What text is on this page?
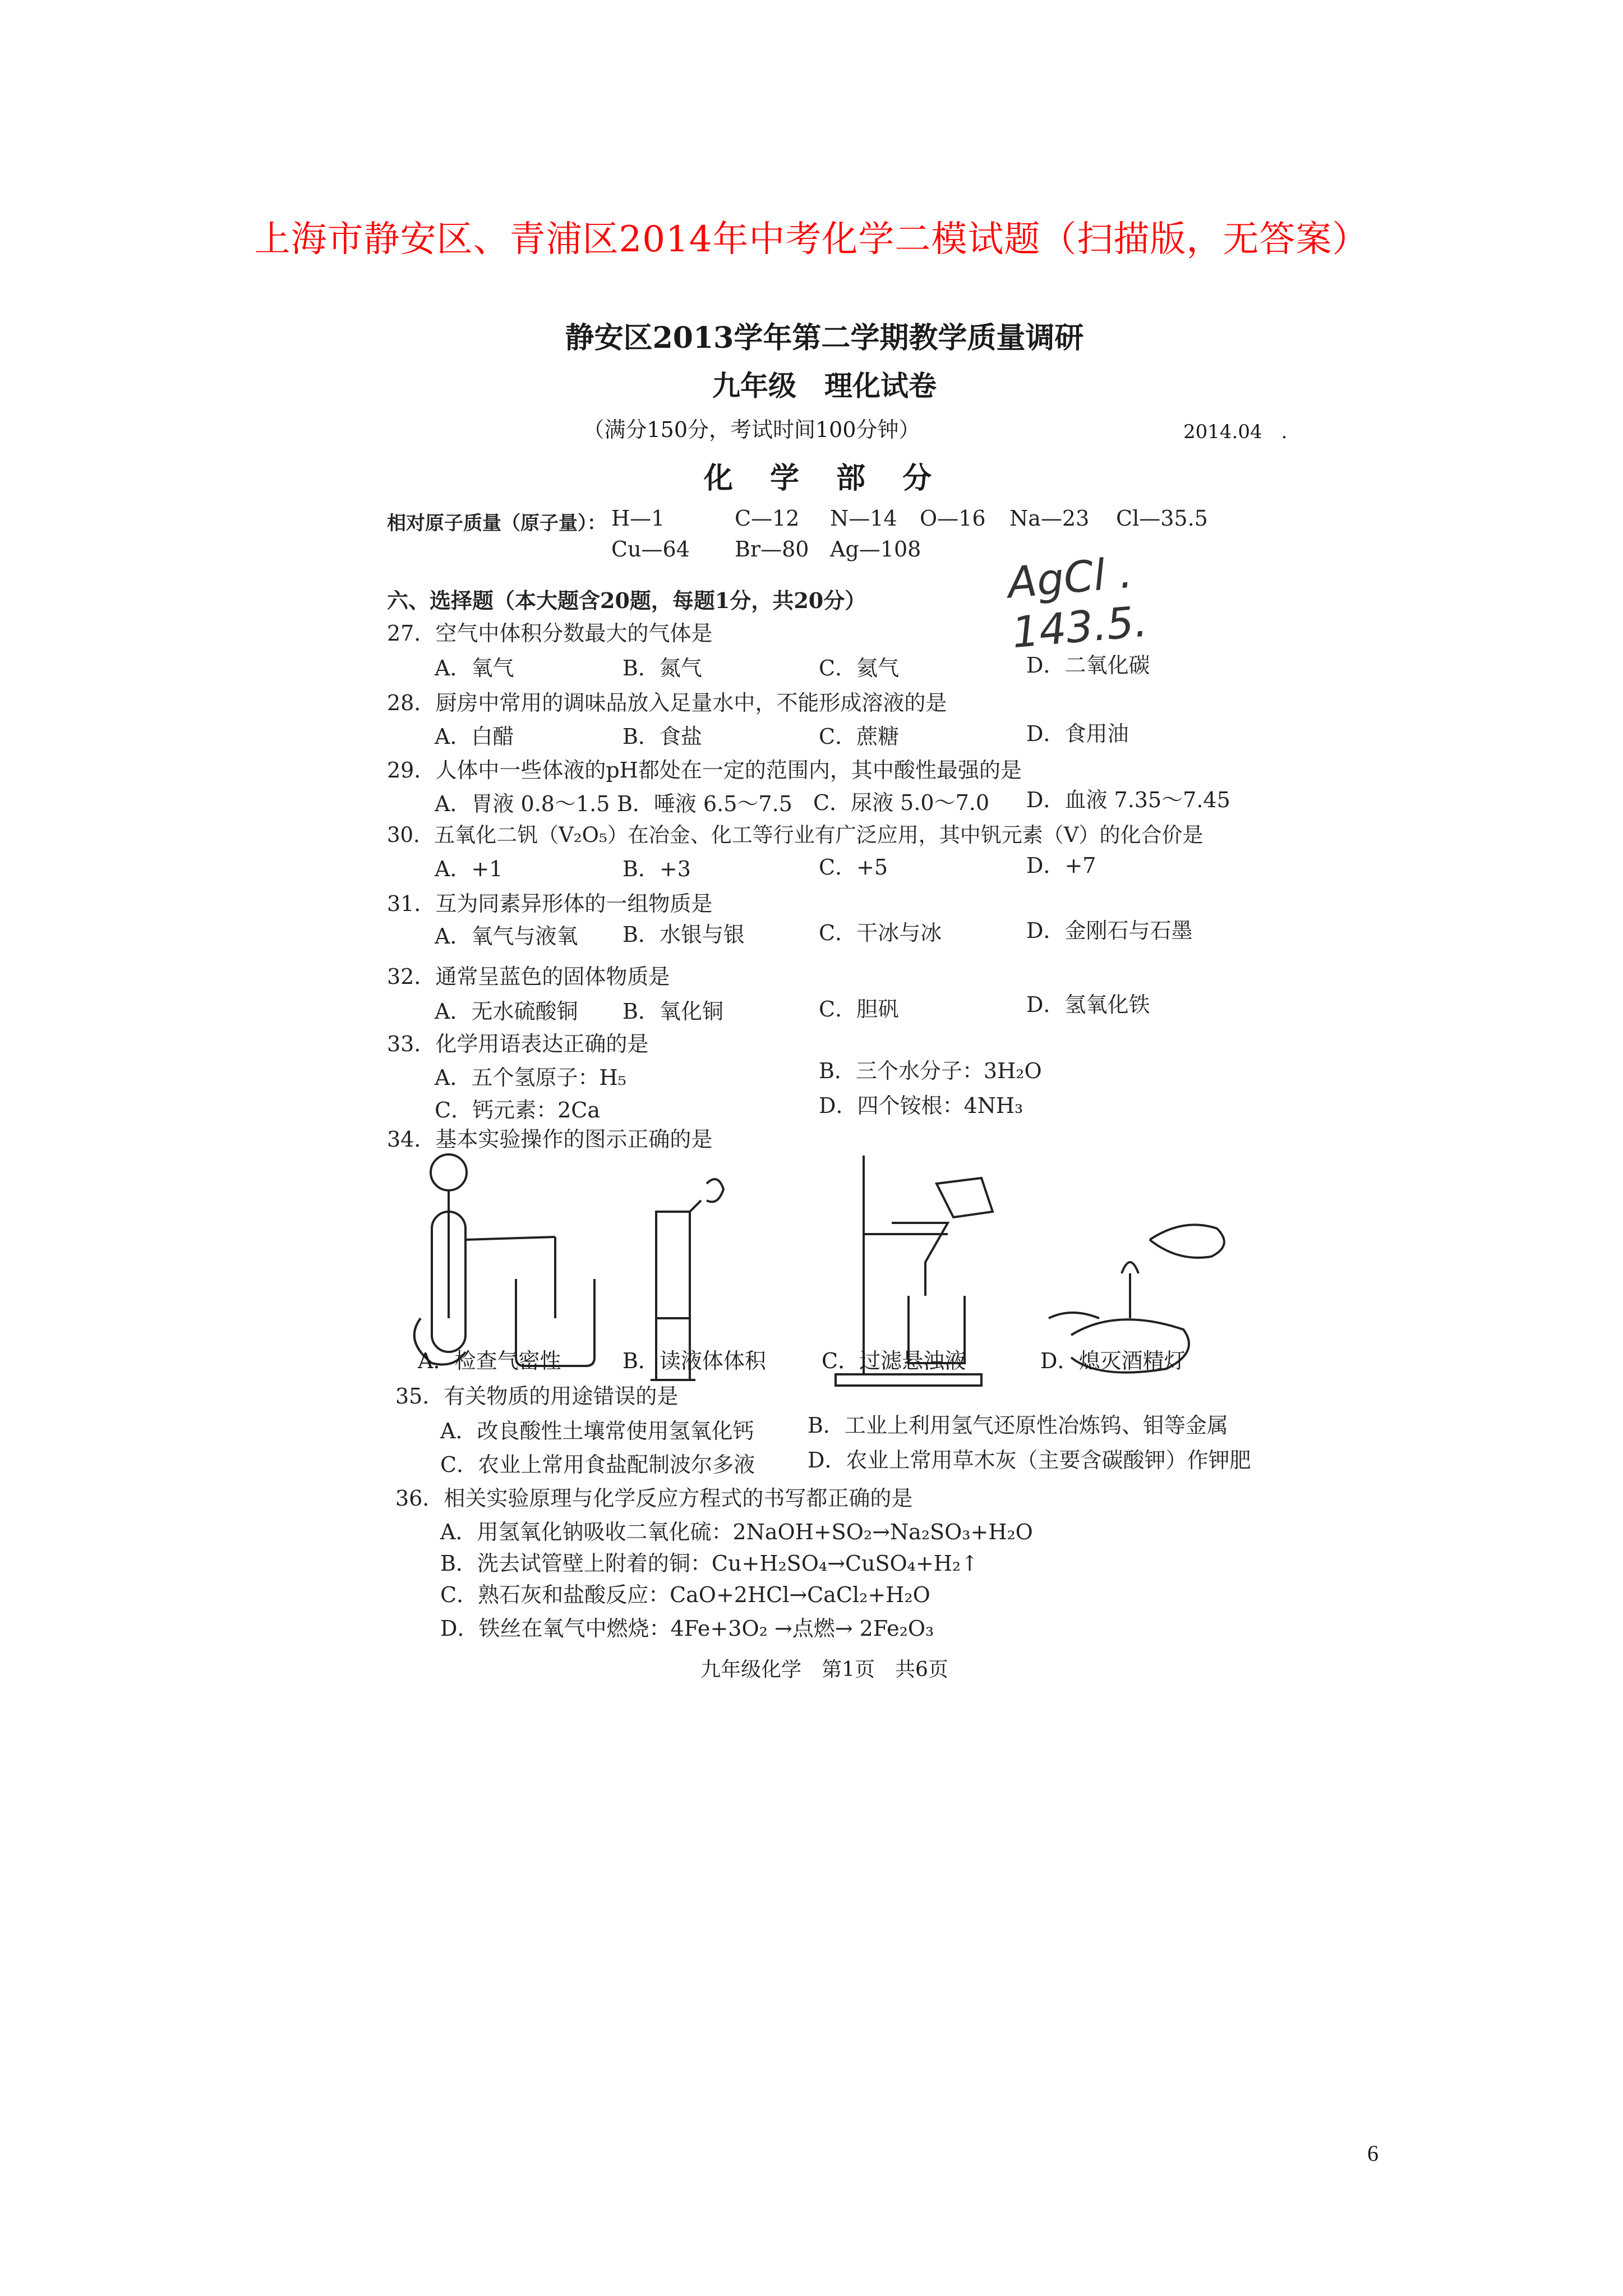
上海市静安区、青浦区2014年中考化学二模试题（扫描版，无答案）
静安区2013学年第二学期教学质量调研
九年级　理化试卷
（满分150分，考试时间100分钟）	2014.04　.
化 学 部 分
相对原子质量（原子量）： H—1	C—12 N—14 O—16 Na—23 Cl—35.5
Cu—64 Br—80 Ag—108 AgCl . 143.5.
六、选择题（本大题含20题，每题1分，共20分）
27．空气中体积分数最大的气体是
A．氧气	B．氮气	C．氦气	D．二氧化碳
28．厨房中常用的调味品放入足量水中，不能形成溶液的是
A．白醋	B．食盐	C．蔗糖	D．食用油
29．人体中一些体液的pH都处在一定的范围内，其中酸性最强的是
A．胃液 0.8～1.5 B．唾液 6.5～7.5 C．尿液 5.0～7.0 D．血液 7.35～7.45
30．五氧化二钒（V₂O₅）在冶金、化工等行业有广泛应用，其中钒元素（V）的化合价是
A．+1	B．+3	C．+5	D．+7
31．互为同素异形体的一组物质是
A．氧气与液氧 B．水银与银	C．干冰与冰	D．金刚石与石墨
32．通常呈蓝色的固体物质是
A．无水硫酸铜 B．氧化铜	C．胆矾	D．氢氧化铁
33．化学用语表达正确的是
A．五个氢原子：H₅	B．三个水分子：3H₂O
C．钙元素：2Ca	D．四个铵根：4NH₃
34．基本实验操作的图示正确的是
A．检查气密性	B．读液体体积	C．过滤悬浊液	D．熄灭酒精灯
35．有关物质的用途错误的是
A．改良酸性土壤常使用氢氧化钙	B．工业上利用氢气还原性冶炼钨、钼等金属
C．农业上常用食盐配制波尔多液 D．农业上常用草木灰（主要含碳酸钾）作钾肥
36．相关实验原理与化学反应方程式的书写都正确的是
A．用氢氧化钠吸收二氧化硫：2NaOH+SO₂→Na₂SO₃+H₂O
B．洗去试管壁上附着的铜：Cu+H₂SO₄→CuSO₄+H₂↑
C．熟石灰和盐酸反应：CaO+2HCl→CaCl₂+H₂O
D．铁丝在氧气中燃烧：4Fe+3O₂ →点燃→ 2Fe₂O₃
九年级化学　第1页　共6页
6
